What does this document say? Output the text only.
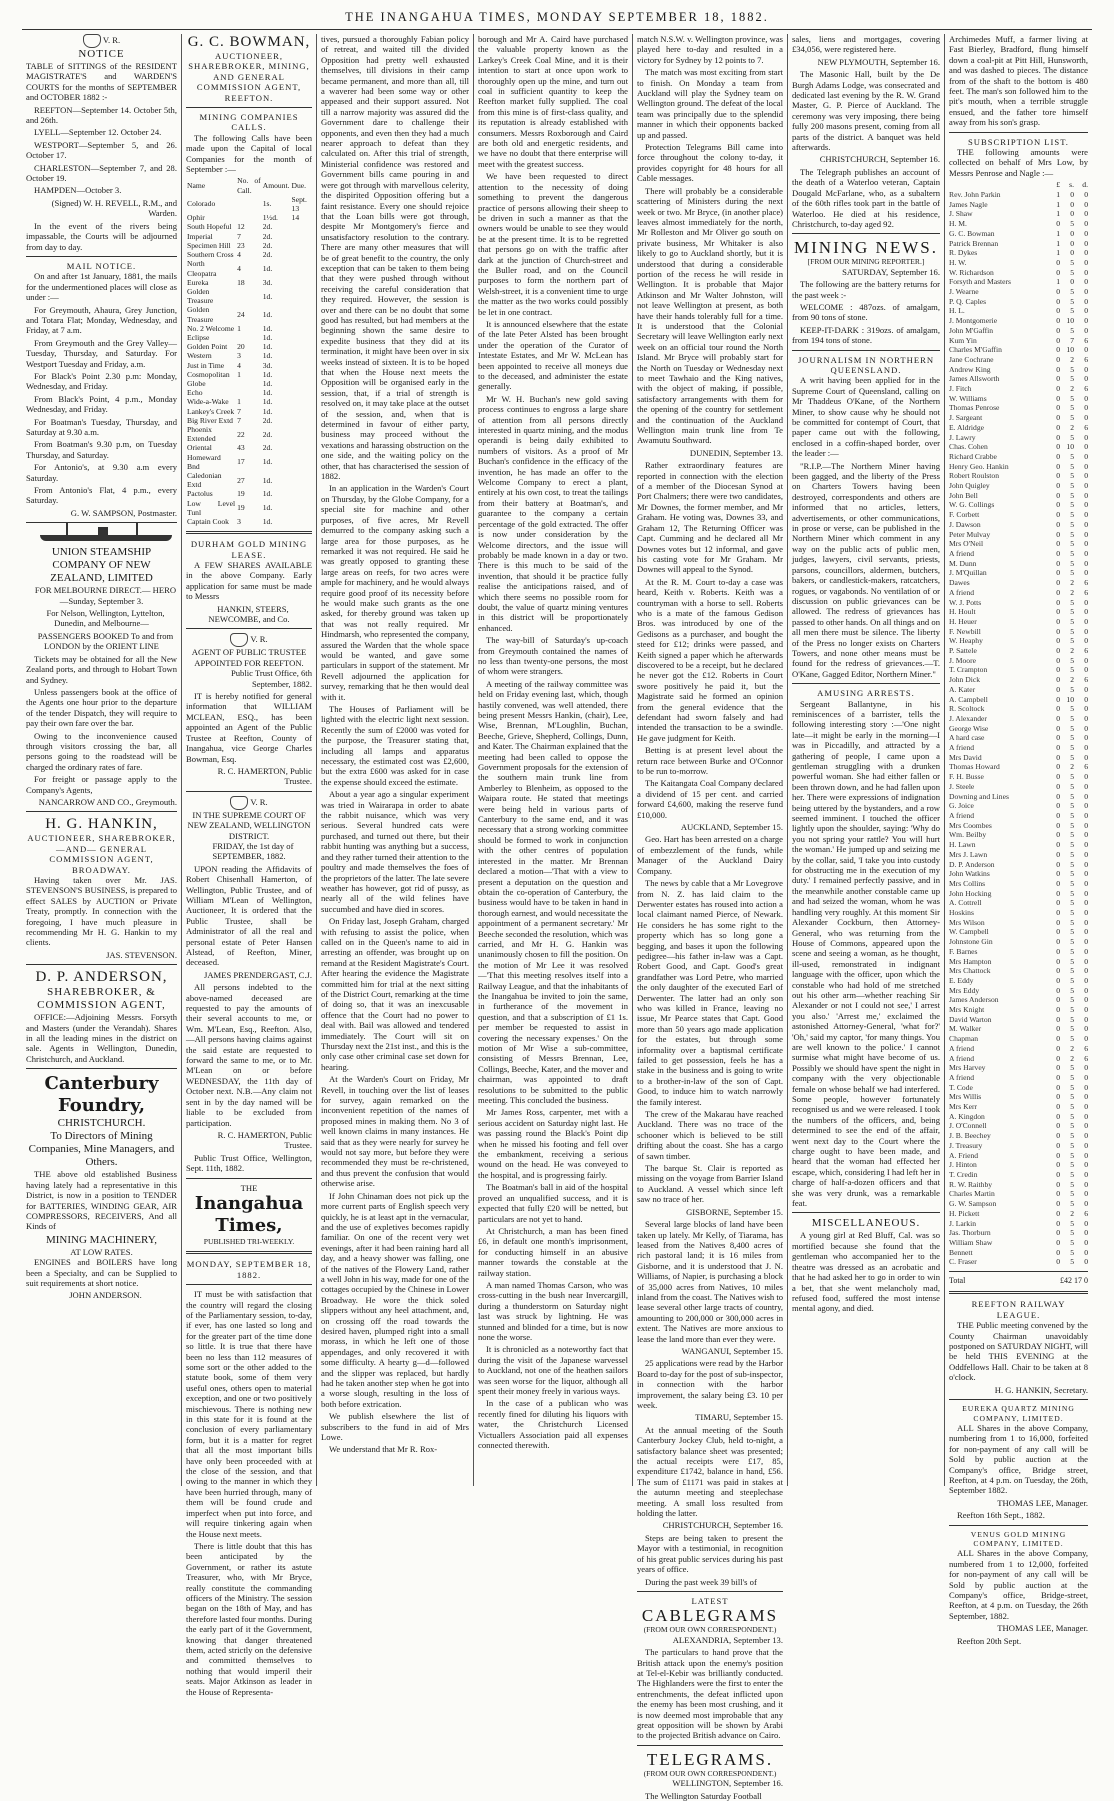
THE INANGAHUA TIMES, MONDAY SEPTEMBER 18, 1882.
V. R.
NOTICE

TABLE of SITTINGS of the RESIDENT MAGISTRATE'S and WARDEN'S COURTS for the months of SEPTEMBER and OCTOBER 1882 :-

REEFTON—September 14. October 5th, and 26th.

LYELL—September 12. October 24.

WESTPORT—September 5, and 26. October 17.

CHARLESTON—September 7, and 28. October 19.

HAMPDEN—October 3.

(Signed) W. H. REVELL, R.M., and Warden.

In the event of the rivers being impassable, the Courts will be adjourned from day to day.

MAIL NOTICE.

On and after 1st January, 1881, the mails for the undermentioned places will close as under :—

For Greymouth, Ahaura, Grey Junction, and Totara Flat; Monday, Wednesday, and Friday, at 7 a.m.

From Greymouth and the Grey Valley—Tuesday, Thursday, and Saturday. For Westport Tuesday and Friday, a.m.

For Black's Point 2.30 p.m: Monday, Wednesday, and Friday.

From Black's Point, 4 p.m., Monday Wednesday, and Friday.

For Boatman's Tuesday, Thursday, and Saturday at 9.30 a.m.

From Boatman's 9.30 p.m, on Tuesday Thursday, and Saturday.

For Antonio's, at 9.30 a.m every Saturday.

From Antonio's Flat, 4 p.m., every Saturday.

G. W. SAMPSON, Postmaster.

UNION STEAMSHIP COMPANY OF NEW ZEALAND, LIMITED

FOR MELBOURNE DIRECT.— HERO—Sunday, September 3.

For Nelson, Wellington, Lyttelton, Dunedin, and Melbourne—

PASSENGERS BOOKED To and from LONDON by the ORIENT LINE

Tickets may be obtained for all the New Zealand ports, and through to Hobart Town and Sydney.

Unless passengers book at the office of the Agents one hour prior to the departure of the tender Dispatch, they will require to pay their own fare over the bar.

Owing to the inconvenience caused through visitors crossing the bar, all persons going to the roadstead will be charged the ordinary rates of fare.

For freight or passage apply to the Company's Agents,

NANCARROW AND CO., Greymouth.

H. G. HANKIN,
AUCTIONEER, SHAREBROKER, —AND— GENERAL COMMISSION AGENT, BROADWAY.

Having taken over Mr. JAS. STEVENSON'S BUSINESS, is prepared to effect SALES by AUCTION or Private Treaty, promptly. In connection with the foregoing, I have much pleasure in recommending Mr H. G. Hankin to my clients.

JAS. STEVENSON.

D. P. ANDERSON,
SHAREBROKER, & COMMISSION AGENT,

OFFICE:—Adjoining Messrs. Forsyth and Masters (under the Verandah). Shares in all the leading mines in the district on sale. Agents in Wellington, Dunedin, Christchurch, and Auckland.

Canterbury Foundry,
CHRISTCHURCH.
To Directors of Mining Companies, Mine Managers, and Others.

THE above old established Business having lately had a representative in this District, is now in a position to TENDER for BATTERIES, WINDING GEAR, AIR COMPRESSORS, RECEIVERS, And all Kinds of

MINING MACHINERY,
AT LOW RATES.

ENGINES and BOILERS have long been a Specialty, and can be Supplied to suit requirements at short notice.

JOHN ANDERSON.

G. C. BOWMAN,
AUCTIONEER, SHAREBROKER, MINING, AND GENERAL COMMISSION AGENT, REEFTON.
MINING COMPANIES CALLS.

The following Calls have been made upon the Capital of local Companies for the month of September :—

Name	No. of Call.	Amount.	Due.
Colorado		1s.	Sept. 13
Ophir		1½d.	14
South Hopeful	12	2d.	
Imperial	7	2d.	
Specimen Hill	23	2d.	
Southern Cross	4	2d.	
North Cleopatra	4	1d.	
Eureka	18	3d.	
Golden Treasure		1d.	
Golden Treasure	24	1d.	
No. 2 Welcome	1	1d.	
Eclipse		1d.	
Golden Point	20	1d.	
Western	3	1d.	
Just in Time	4	3d.	
Cosmopolitan	1	1d.	
Globe		1d.	
Echo		1d.	
Wide-a-Wake	1	1d.	
Lankey's Creek	7	1d.	
Big River Extd	7	2d.	
Phoenix Extended	22	2d.	
Oriental	43	2d.	
Homeward Bnd	17	1d.	
Caledonian Extd	27	1d.	
Pactolus	19	1d.	
Low Level Tunl	19	1d.	
Captain Cook	3	1d.	
DURHAM GOLD MINING LEASE.

A FEW SHARES AVAILABLE in the above Company. Early application for same must be made to Messrs

HANKIN, STEERS, NEWCOMBE, and Co.

V. R.
AGENT OF PUBLIC TRUSTEE APPOINTED FOR REEFTON.

Public Trust Office, 6th September, 1882.

IT is hereby notified for general information that WILLIAM MCLEAN, ESQ., has been appointed an Agent of the Public Trustee at Reefton, County of Inangahua, vice George Charles Bowman, Esq.

R. C. HAMERTON, Public Trustee.

V. R.
IN THE SUPREME COURT OF NEW ZEALAND, WELLINGTON DISTRICT.

FRIDAY, the 1st day of SEPTEMBER, 1882.

UPON reading the Affidavits of Robert Chisenhall Hamerton, of Wellington, Public Trustee, and of William M'Lean of Wellington, Auctioneer, It is ordered that the Public Trustee, shall be Administrator of all the real and personal estate of Peter Hansen Alstead, of Reefton, Miner, deceased.

JAMES PRENDERGAST, C.J.

All persons indebted to the above-named deceased are requested to pay the amounts of their several accounts to me, or Wm. M'Lean, Esq., Reefton. Also,—All persons having claims against the said estate are requested to forward the same to me, or to Mr. M'Lean on or before WEDNESDAY, the 11th day of October next. N.B.—Any claim not sent in by the day named will be liable to be excluded from participation.

R. C. HAMERTON, Public Trustee.

Public Trust Office, Wellington, Sept. 11th, 1882.

THE
Inangahua Times,
PUBLISHED TRI-WEEKLY.
MONDAY, SEPTEMBER 18, 1882.

IT must be with satisfaction that the country will regard the closing of the Parliamentary session, to-day, if ever, has one lasted so long and for the greater part of the time done so little. It is true that there have been no less than 112 measures of some sort or the other added to the statute book, some of them very useful ones, others open to material exception, and one or two positively mischievous. There is nothing new in this state for it is found at the conclusion of every parliamentary form, but it is a matter for regret that all the most important bills have only been proceeded with at the close of the session, and that owing to the manner in which they have been hurried through, many of them will be found crude and imperfect when put into force, and will require tinkering again when the House next meets.

There is little doubt that this has been anticipated by the Government, or rather its astute Treasurer, who, with Mr Bryce, really constitute the commanding officers of the Ministry. The session began on the 18th of May, and has therefore lasted four months. During the early part of it the Government, knowing that danger threatened them, acted strictly on the defensive and committed themselves to nothing that would imperil their seats. Major Atkinson as leader in the House of Representa-

tives, pursued a thoroughly Fabian policy of retreat, and waited till the divided Opposition had pretty well exhausted themselves, till divisions in their camp became permanent, and more than all, till a waverer had been some way or other appeased and their support assured. Not till a narrow majority was assured did the Government dare to challenge their opponents, and even then they had a much nearer approach to defeat than they calculated on. After this trial of strength, Ministerial confidence was restored and Government bills came pouring in and were got through with marvellous celerity, the dispirited Opposition offering but a faint resistance. Every one should rejoice that the Loan bills were got through, despite Mr Montgomery's fierce and unsatisfactory resolution to the contrary. There are many other measures that will be of great benefit to the country, the only exception that can be taken to them being that they were pushed through without receiving the careful consideration that they required. However, the session is over and there can be no doubt that some good has resulted, but had members at the beginning shown the same desire to expedite business that they did at its termination, it might have been over in six weeks instead of sixteen. It is to be hoped that when the House next meets the Opposition will be organised early in the session, that, if a trial of strength is resolved on, it may take place at the outset of the session, and, when that is determined in favour of either party, business may proceed without the vexations and harassing obstruction on the one side, and the waiting policy on the other, that has characterised the session of 1882.

In an application in the Warden's Court on Thursday, by the Globe Company, for a special site for machine and other purposes, of five acres, Mr Revell demurred to the company asking such a large area for those purposes, as he remarked it was not required. He said he was greatly opposed to granting these large areas on reefs, for two acres were ample for machinery, and he would always require good proof of its necessity before he would make such grants as the one asked, for thereby ground was taken up that was not really required. Mr Hindmarsh, who represented the company, assured the Warden that the whole space would be wanted, and gave some particulars in support of the statement. Mr Revell adjourned the application for survey, remarking that he then would deal with it.

The Houses of Parliament will be lighted with the electric light next session. Recently the sum of £2000 was voted for the purpose, the Treasurer stating that, including all lamps and apparatus necessary, the estimated cost was £2,600, but the extra £600 was asked for in case the expense should exceed the estimate.

About a year ago a singular experiment was tried in Wairarapa in order to abate the rabbit nuisance, which was very serious. Several hundred cats were purchased, and turned out there, but their rabbit hunting was anything but a success, and they rather turned their attention to the poultry and made themselves the foes of the proprietors of the latter. The late severe weather has however, got rid of pussy, as nearly all of the wild felines have succumbed and have died in scores.

On Friday last, Joseph Graham, charged with refusing to assist the police, when called on in the Queen's name to aid in arresting an offender, was brought up on remand at the Resident Magistrate's Court. After hearing the evidence the Magistrate committed him for trial at the next sitting of the District Court, remarking at the time of doing so, that it was an inexcusable offence that the Court had no power to deal with. Bail was allowed and tendered immediately. The Court will sit on Thursday next the 21st inst., and this is the only case other criminal case set down for hearing.

At the Warden's Court on Friday, Mr Revell, in touching over the list of leases for survey, again remarked on the inconvenient repetition of the names of proposed mines in making them. No 3 of well known claims in many instances. He said that as they were nearly for survey he would not say more, but before they were recommended they must be re-christened, and thus prevent the confusion that would otherwise arise.

If John Chinaman does not pick up the more current parts of English speech very quickly, he is at least apt in the vernacular, and the use of expletives becomes rapidly familiar. On one of the recent very wet evenings, after it had been raining hard all day, and a heavy shower was falling, one of the natives of the Flowery Land, rather a well John in his way, made for one of the cottages occupied by the Chinese in Lower Broadway. He wore the thick soled slippers without any heel attachment, and, on crossing off the road towards the desired haven, plumped right into a small morass, in which he left one of those appendages, and only recovered it with some difficulty. A hearty g—d—followed and the slipper was replaced, but hardly had he taken another step when he got into a worse slough, resulting in the loss of both before extrication.

We publish elsewhere the list of subscribers to the fund in aid of Mrs Lowe.

We understand that Mr R. Rox-

borough and Mr A. Caird have purchased the valuable property known as the Larkey's Creek Coal Mine, and it is their intention to start at once upon work to thoroughly open up the mine, and turn out coal in sufficient quantity to keep the Reefton market fully supplied. The coal from this mine is of first-class quality, and its reputation is already established with consumers. Messrs Roxborough and Caird are both old and energetic residents, and we have no doubt that there enterprise will meet with the greatest success.

We have been requested to direct attention to the necessity of doing something to prevent the dangerous practice of persons allowing their sheep to be driven in such a manner as that the owners would be unable to see they would be at the present time. It is to be regretted that persons go on with the traffic after dark at the junction of Church-street and the Buller road, and on the Council purposes to form the northern part of Welsh-street, it is a convenient time to urge the matter as the two works could possibly be let in one contract.

It is announced elsewhere that the estate of the late Peter Alsted has been brought under the operation of the Curator of Intestate Estates, and Mr W. McLean has been appointed to receive all moneys due to the deceased, and administer the estate generally.

Mr W. H. Buchan's new gold saving process continues to engross a large share of attention from all persons directly interested in quartz mining, and the modus operandi is being daily exhibited to numbers of visitors. As a proof of Mr Buchan's confidence in the efficacy of the invention, he has made an offer to the Welcome Company to erect a plant, entirely at his own cost, to treat the tailings from their battery at Boatman's, and guarantee to the company a certain percentage of the gold extracted. The offer is now under consideration by the Welcome directors, and the issue will probably be made known in a day or two. There is this much to be said of the invention, that should it be practice fully realise the anticipations raised, and of which there seems no possible room for doubt, the value of quartz mining ventures in this district will be proportionately enhanced.

The way-bill of Saturday's up-coach from Greymouth contained the names of no less than twenty-one persons, the most of whom were strangers.

A meeting of the railway committee was held on Friday evening last, which, though hastily convened, was well attended, there being present Messrs Hankin, (chair), Lee, Wise, Brennan, M'Loughlin, Buchan, Beeche, Grieve, Shepherd, Collings, Dunn, and Kater. The Chairman explained that the meeting had been called to oppose the Government proposals for the extension of the southern main trunk line from Amberley to Blenheim, as opposed to the Waipara route. He stated that meetings were being held in various parts of Canterbury to the same end, and it was necessary that a strong working committee should be formed to work in conjunction with the other centres of population interested in the matter. Mr Brennan declared a motion—'That with a view to present a deputation on the question and obtain the co-operation of Canterbury, the business would have to be taken in hand in thorough earnest, and would necessitate the appointment of a permanent secretary.' Mr Beeche seconded the resolution, which was carried, and Mr H. G. Hankin was unanimously chosen to fill the position. On the motion of Mr Lee it was resolved —'That this meeting resolves itself into a Railway League, and that the inhabitants of the Inangahua be invited to join the same, in furtherance of the movement in question, and that a subscription of £1 1s. per member be requested to assist in covering the necessary expenses.' On the motion of Mr Wise a sub-committee, consisting of Messrs Brennan, Lee, Collings, Beeche, Kater, and the mover and chairman, was appointed to draft resolutions to be submitted to the public meeting. This concluded the business.

Mr James Ross, carpenter, met with a serious accident on Saturday night last. He was passing round the Black's Point dip when he missed his footing and fell over the embankment, receiving a serious wound on the head. He was conveyed to the hospital, and is progressing fairly.

The Boatman's ball in aid of the hospital proved an unqualified success, and it is expected that fully £20 will be netted, but particulars are not yet to hand.

At Christchurch, a man has been fined £6, in default one month's imprisonment, for conducting himself in an abusive manner towards the constable at the railway station.

A man named Thomas Carson, who was cross-cutting in the bush near Invercargill, during a thunderstorm on Saturday night last was struck by lightning. He was stunned and blinded for a time, but is now none the worse.

It is chronicled as a noteworthy fact that during the visit of the Japanese warvessel to Auckland, not one of the heathen sailors was seen worse for the liquor, although all spent their money freely in various ways.

In the case of a publican who was recently fined for diluting his liquors with water, the Christchurch Licensed Victuallers Association paid all expenses connected therewith.

match N.S.W. v. Wellington province, was played here to-day and resulted in a victory for Sydney by 12 points to 7.

The match was most exciting from start to finish. On Monday a team from Auckland will play the Sydney team on Wellington ground. The defeat of the local team was principally due to the splendid manner in which their opponents backed up and passed.

Protection Telegrams Bill came into force throughout the colony to-day, it provides copyright for 48 hours for all Cable messages.

There will probably be a considerable scattering of Ministers during the next week or two. Mr Bryce, (in another place) leaves almost immediately for the north, Mr Rolleston and Mr Oliver go south on private business, Mr Whitaker is also likely to go to Auckland shortly, but it is understood that during a considerable portion of the recess he will reside in Wellington. It is probable that Major Atkinson and Mr Walter Johnston, will not leave Wellington at present, as both have their hands tolerably full for a time. It is understood that the Colonial Secretary will leave Wellington early next week on an official tour round the North Island. Mr Bryce will probably start for the North on Tuesday or Wednesday next to meet Tawhaio and the King natives, with the object of making, if possible, satisfactory arrangements with them for the opening of the country for settlement and the continuation of the Auckland Wellington main trunk line from Te Awamutu Southward.

DUNEDIN, September 13.

Rather extraordinary features are reported in connection with the election of a member of the Diocesan Synod at Port Chalmers; there were two candidates, Mr Downes, the former member, and Mr Graham. He voting was, Downes 33, and Graham 12, The Returning Officer was Capt. Cumming and he declared all Mr Downes votes but 12 informal, and gave his casting vote for Mr Graham. Mr Downes will appeal to the Synod.

At the R. M. Court to-day a case was heard, Keith v. Roberts. Keith was a countryman with a horse to sell. Roberts who is a mate of the famous Gedison Bros. was introduced by one of the Gedisons as a purchaser, and bought the steed for £12; drinks were passed, and Keith signed a paper which he afterwards discovered to be a receipt, but he declared he never got the £12. Roberts in Court swore positively he paid it, but the Magistrate said he formed an opinion from the general evidence that the defendant had sworn falsely and had intended the transaction to be a swindle. He gave judgment for Keith.

Betting is at present level about the return race between Burke and O'Connor to be run to-morrow.

The Kaitangata Coal Company declared a dividend of 15 per cent. and carried forward £4,600, making the reserve fund £10,000.

AUCKLAND, September 15.

Geo. Hart has been arrested on a charge of embezzlement of the funds, while Manager of the Auckland Dairy Company.

The news by cable that a Mr Lovegrove from N. Z. has laid claim to the Derwenter estates has roused into action a local claimant named Pierce, of Newark. He considers he has some right to the property which has so long gone a begging, and bases it upon the following pedigree—his father in-law was a Capt. Robert Good, and Capt. Good's great grandfather was Lord Petre, who married the only daughter of the executed Earl of Derwenter. The latter had an only son who was killed in France, leaving no issue, Mr Pearce states that Capt. Good more than 50 years ago made application for the estates, but through some informality over a baptismal certificate failed to get possession, feels he has a stake in the business and is going to write to a brother-in-law of the son of Capt. Good, to induce him to watch narrowly the family interest.

The crew of the Makarau have reached Auckland. There was no trace of the schooner which is believed to be still drifting about the coast. She has a cargo of sawn timber.

The barque St. Clair is reported as missing on the voyage from Barrier Island to Auckland. A vessel which since left saw no trace of her.

GISBORNE, September 15.

Several large blocks of land have been taken up lately. Mr Kelly, of Tiarama, has leased from the Natives 8,400 acres of rich pastoral land; it is 16 miles from Gisborne, and it is understood that J. N. Williams, of Napier, is purchasing a block of 35,000 acres from Natives, 10 miles inland from the coast. The Natives wish to lease several other large tracts of country, amounting to 200,000 or 300,000 acres in extent. The Natives are more anxious to lease the land more than ever they were.

WANGANUI, September 15.

25 applications were read by the Harbor Board to-day for the post of sub-inspector, in connection with the harbor improvement, the salary being £3. 10 per week.

TIMARU, September 15.

At the annual meeting of the South Canterbury Jockey Club, held to-night, a satisfactory balance sheet was presented; the actual receipts were £17, 85, expenditure £1742, balance in hand, £56. The sum of £1171 was paid in stakes at the autumn meeting and steeplechase meeting. A small loss resulted from holding the latter.

CHRISTCHURCH, September 16.

Steps are being taken to present the Mayor with a testimonial, in recognition of his great public services during his past years of office.

During the past week 39 bill's of

LATEST
CABLEGRAMS
(FROM OUR OWN CORRESPONDENT.)

ALEXANDRIA, September 13.

The particulars to hand prove that the British attack upon the enemy's position at Tel-el-Kebir was brilliantly conducted. The Highlanders were the first to enter the entrenchments, the defeat inflicted upon the enemy has been most crushing, and it is now deemed most improbable that any great opposition will be shown by Arabi to the projected British advance on Cairo.

TELEGRAMS.
(FROM OUR OWN CORRESPONDENT.)

WELLINGTON, September 16.

The Wellington Saturday Football

sales, liens and mortgages, covering £34,056, were registered here.

NEW PLYMOUTH, September 16.

The Masonic Hall, built by the De Burgh Adams Lodge, was consecrated and dedicated last evening by the R. W. Grand Master, G. P. Pierce of Auckland. The ceremony was very imposing, there being fully 200 masons present, coming from all parts of the district. A banquet was held afterwards.

CHRISTCHURCH, September 16.

The Telegraph publishes an account of the death of a Waterloo veteran, Captain Dougald McFarlane, who, as a subaltern of the 60th rifles took part in the battle of Waterloo. He died at his residence, Christchurch, to-day aged 92.

MINING NEWS.
[FROM OUR MINING REPORTER.]

SATURDAY, September 16.

The following are the battery returns for the past week :-

WELCOME : 487ozs. of amalgam, from 90 tons of stone.

KEEP-IT-DARK : 319ozs. of amalgam, from 194 tons of stone.

JOURNALISM IN NORTHERN QUEENSLAND.

A writ having been applied for in the Supreme Court of Queensland, calling on Mr Thaddeus O'Kane, of the Northern Miner, to show cause why he should not be committed for contempt of Court, that paper came out with the following, enclosed in a coffin-shaped border, over the leader :—

"R.I.P.—The Northern Miner having been gagged, and the liberty of the Press on Charters Towers having been destroyed, correspondents and others are informed that no articles, letters, advertisements, or other communications, in prose or verse, can be published in the Northern Miner which comment in any way on the public acts of public men, judges, lawyers, civil servants, priests, parsons, councillors, aldermen, butchers, bakers, or candlestick-makers, ratcatchers, rogues, or vagabonds. No ventilation of or discussion on public grievances can be allowed. The redress of grievances has passed to other hands. On all things and on all men there must be silence. The liberty of the Press no longer exists on Charters Towers, and none other means must be found for the redress of grievances.—T. O'Kane, Gagged Editor, Northern Miner."

AMUSING ARRESTS.

Sergeant Ballantyne, in his reminiscences of a barrister, tells the following interesting story :—'One night late—it might be early in the morning—I was in Piccadilly, and attracted by a gathering of people, I came upon a gentleman struggling with a drunken powerful woman. She had either fallen or been thrown down, and he had fallen upon her. There were expressions of indignation being uttered by the bystanders, and a row seemed imminent. I touched the officer lightly upon the shoulder, saying: 'Why do you not spring your rattle? You will hurt the woman.' He jumped up and seizing me by the collar, said, 'I take you into custody for obstructing me in the execution of my duty.' I remained perfectly passive, and in the meanwhile another constable came up and had seized the woman, whom he was handling very roughly. At this moment Sir Alexander Cockburn, then Attorney-General, who was returning from the House of Commons, appeared upon the scene and seeing a woman, as he thought, ill-used, remonstrated in indignant language with the officer, upon which the constable who had hold of me stretched out his other arm—whether reaching Sir Alexander or not I could not see,' I arrest you also.' 'Arrest me,' exclaimed the astonished Attorney-General, 'what for?' 'Oh,' said my captor, 'for many things. You are well known to the police.' I cannot surmise what might have become of us. Possibly we should have spent the night in company with the very objectionable female on whose behalf we had interfered. Some people, however fortunately recognised us and we were released. I took the numbers of the officers, and, being determined to see the end of the affair, went next day to the Court where the charge ought to have been made, and heard that the woman had effected her escape, which, considering I had left her in charge of half-a-dozen officers and that she was very drunk, was a remarkable feat.

MISCELLANEOUS.

A young girl at Red Bluff, Cal. was so mortified because she found that the gentleman who accompanied her to the theatre was dressed as an acrobatic and that he had asked her to go in order to win a bet, that she went melancholy mad, refused food, suffered the most intense mental agony, and died.

Archimedes Muff, a farmer living at Fast Bierley, Bradford, flung himself down a coal-pit at Pitt Hill, Hunsworth, and was dashed to pieces. The distance from of the shaft to the bottom is 480 feet. The man's son followed him to the pit's mouth, when a terrible struggle ensued, and the father tore himself away from his son's grasp.

SUBSCRIPTION LIST.

THE following amounts were collected on behalf of Mrs Low, by Messrs Penrose and Nagle :—

	£	s.	d.
Rev. John Parkin	1	0	0
James Nagle	1	0	0
J. Shaw	1	0	0
H. M.	0	5	0
G. C. Bowman	1	0	0
Patrick Brennan	1	0	0
R. Dykes	1	0	0
H. W.	0	5	0
W. Richardson	0	5	0
Forsyth and Masters	1	0	0
J. Wearne	0	5	0
P. Q. Caples	0	5	0
H. L.	0	5	0
J. Montgomerie	0	10	0
John M'Gaffin	0	5	0
Kum Yin	0	7	6
Charles M'Gaffin	0	10	0
Jane Cochrane	0	2	6
Andrew King	0	5	0
James Allsworth	0	5	0
J. Fitch	0	2	6
W. Williams	0	5	0
Thomas Penrose	0	5	0
J. Sargeant	0	5	0
E. Aldridge	0	2	6
J. Lawry	0	5	0
Chas. Cohen	0	10	0
Richard Crabbe	0	5	0
Henry Geo. Hankin	0	5	0
Robert Roulston	0	5	0
John Quigley	0	5	0
John Bell	0	5	0
W. G. Collings	0	5	0
F. Corbett	0	5	0
J. Dawson	0	5	0
Peter Mulvay	0	5	0
Mrs O'Neil	0	5	0
A friend	0	5	0
M. Dunn	0	5	0
J. M'Quillan	0	5	0
Dawes	0	2	6
A friend	0	2	6
W. J. Potts	0	5	0
H. Hoult	0	5	0
H. Heuer	0	5	0
F. Newbill	0	5	0
W. Heaphy	0	5	0
P. Sattele	0	2	6
J. Moore	0	5	0
T. Crampton	0	5	0
John Dick	0	2	6
A. Kater	0	5	0
A. Campbell	0	10	0
R. Scoltock	0	5	0
J. Alexander	0	5	0
George Wise	0	5	0
A hard case	0	5	0
A friend	0	5	0
Mrs David	0	5	0
Thomas Howard	0	2	6
F. H. Busse	0	5	0
J. Steele	0	5	0
Downing and Lines	0	5	0
G. Joice	0	5	0
A friend	0	5	0
Mrs Coombes	0	5	0
Wm. Beilby	0	5	0
H. Lawn	0	5	0
Mrs J. Lawn	0	5	0
D. P. Anderson	0	5	0
John Watkins	0	5	0
Mrs Collins	0	5	0
John Hocking	0	5	0
A. Cottrell	0	5	0
Hoskins	0	5	0
Mrs Wilson	0	5	0
W. Campbell	0	5	0
Johnstone Gin	0	5	0
F. Barnes	0	5	0
Mrs Hampton	0	5	0
Mrs Chattock	0	5	0
E. Eddy	0	5	0
Mrs Eddy	0	5	0
James Anderson	0	5	0
Mrs Knight	0	5	0
David Warton	0	5	0
M. Walker	0	5	0
Chapman	0	5	0
A friend	0	2	6
A friend	0	2	6
Mrs Harvey	0	5	0
A friend	0	5	0
T. Code	0	5	0
Mrs Willis	0	5	0
Mrs Kerr	0	5	0
A. Kingdon	0	5	0
J. O'Connell	0	5	0
J. B. Beechey	0	5	0
J. Treasury	0	5	0
A. Friend	0	5	0
J. Hinton	0	5	0
T. Credin	0	5	0
R. W. Raithby	0	5	0
Charles Martin	0	5	0
G. W. Sampson	0	5	0
H. Pickett	0	2	6
J. Larkin	0	5	0
Jas. Thorburn	0	5	0
William Shaw	0	5	0
Bennett	0	5	0
C. Fraser	0	5	0
Total	£42 17 0
REEFTON RAILWAY LEAGUE.

THE Public meeting convened by the County Chairman unavoidably postponed on SATURDAY NIGHT, will be held THIS EVENING at the Oddfellows Hall. Chair to be taken at 8 o'clock.

H. G. HANKIN, Secretary.

EUREKA QUARTZ MINING COMPANY, LIMITED.

ALL Shares in the above Company, numbering from 1 to 16,000, forfeited for non-payment of any call will be Sold by public auction at the Company's office, Bridge street, Reefton, at 4 p.m. on Tuesday, the 26th, September 1882.

THOMAS LEE, Manager.

Reefton 16th Sept., 1882.

VENUS GOLD MINING COMPANY, LIMITED.

ALL Shares in the above Company, numbered from 1 to 12,000, forfeited for non-payment of any call will be Sold by public auction at the Company's office, Bridge-street, Reefton, at 4 p.m. on Tuesday, the 26th September, 1882.

THOMAS LEE, Manager.

Reefton 20th Sept.
